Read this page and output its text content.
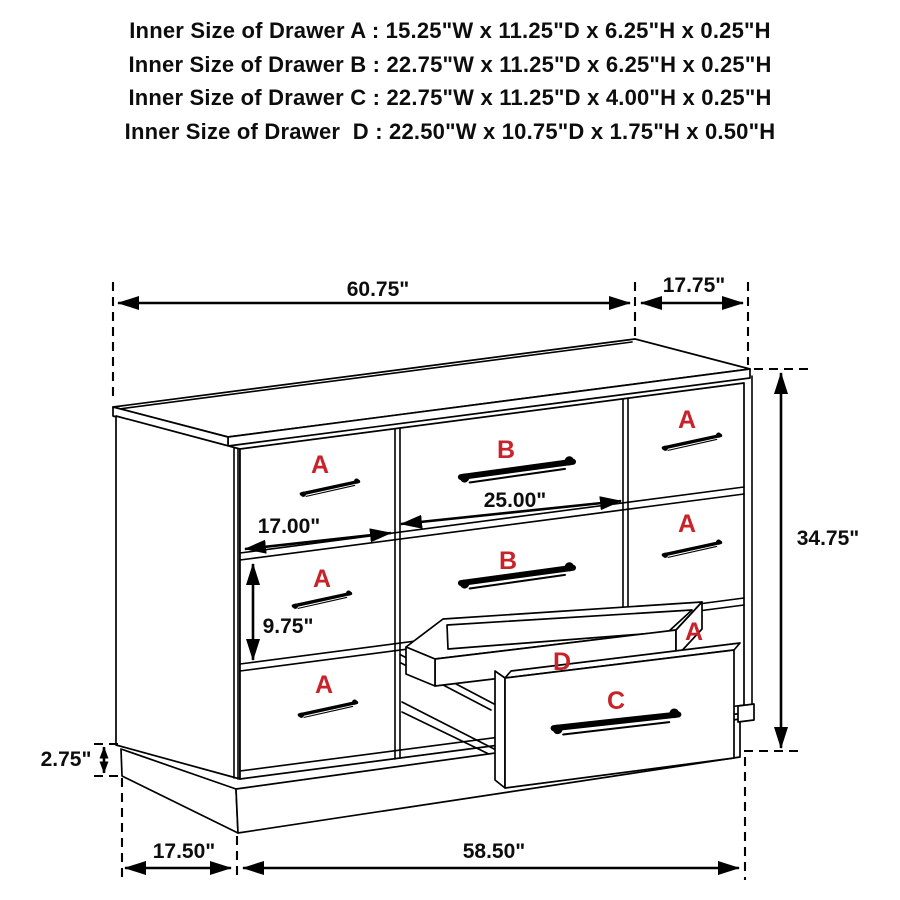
Inner Size of Drawer A : 15.25"W x 11.25"D x 6.25"H x 0.25"H
Inner Size of Drawer B : 22.75"W x 11.25"D x 6.25"H x 0.25"H
Inner Size of Drawer C : 22.75"W x 11.25"D x 4.00"H x 0.25"H
Inner Size of Drawer  D : 22.50"W x 10.75"D x 1.75"H x 0.50"H
A
A
A
B
B
A
A
A
D
C
60.75"	17.75"
34.75"
25.00"
17.00"
9.75"
2.75"
17.50"	58.50"
